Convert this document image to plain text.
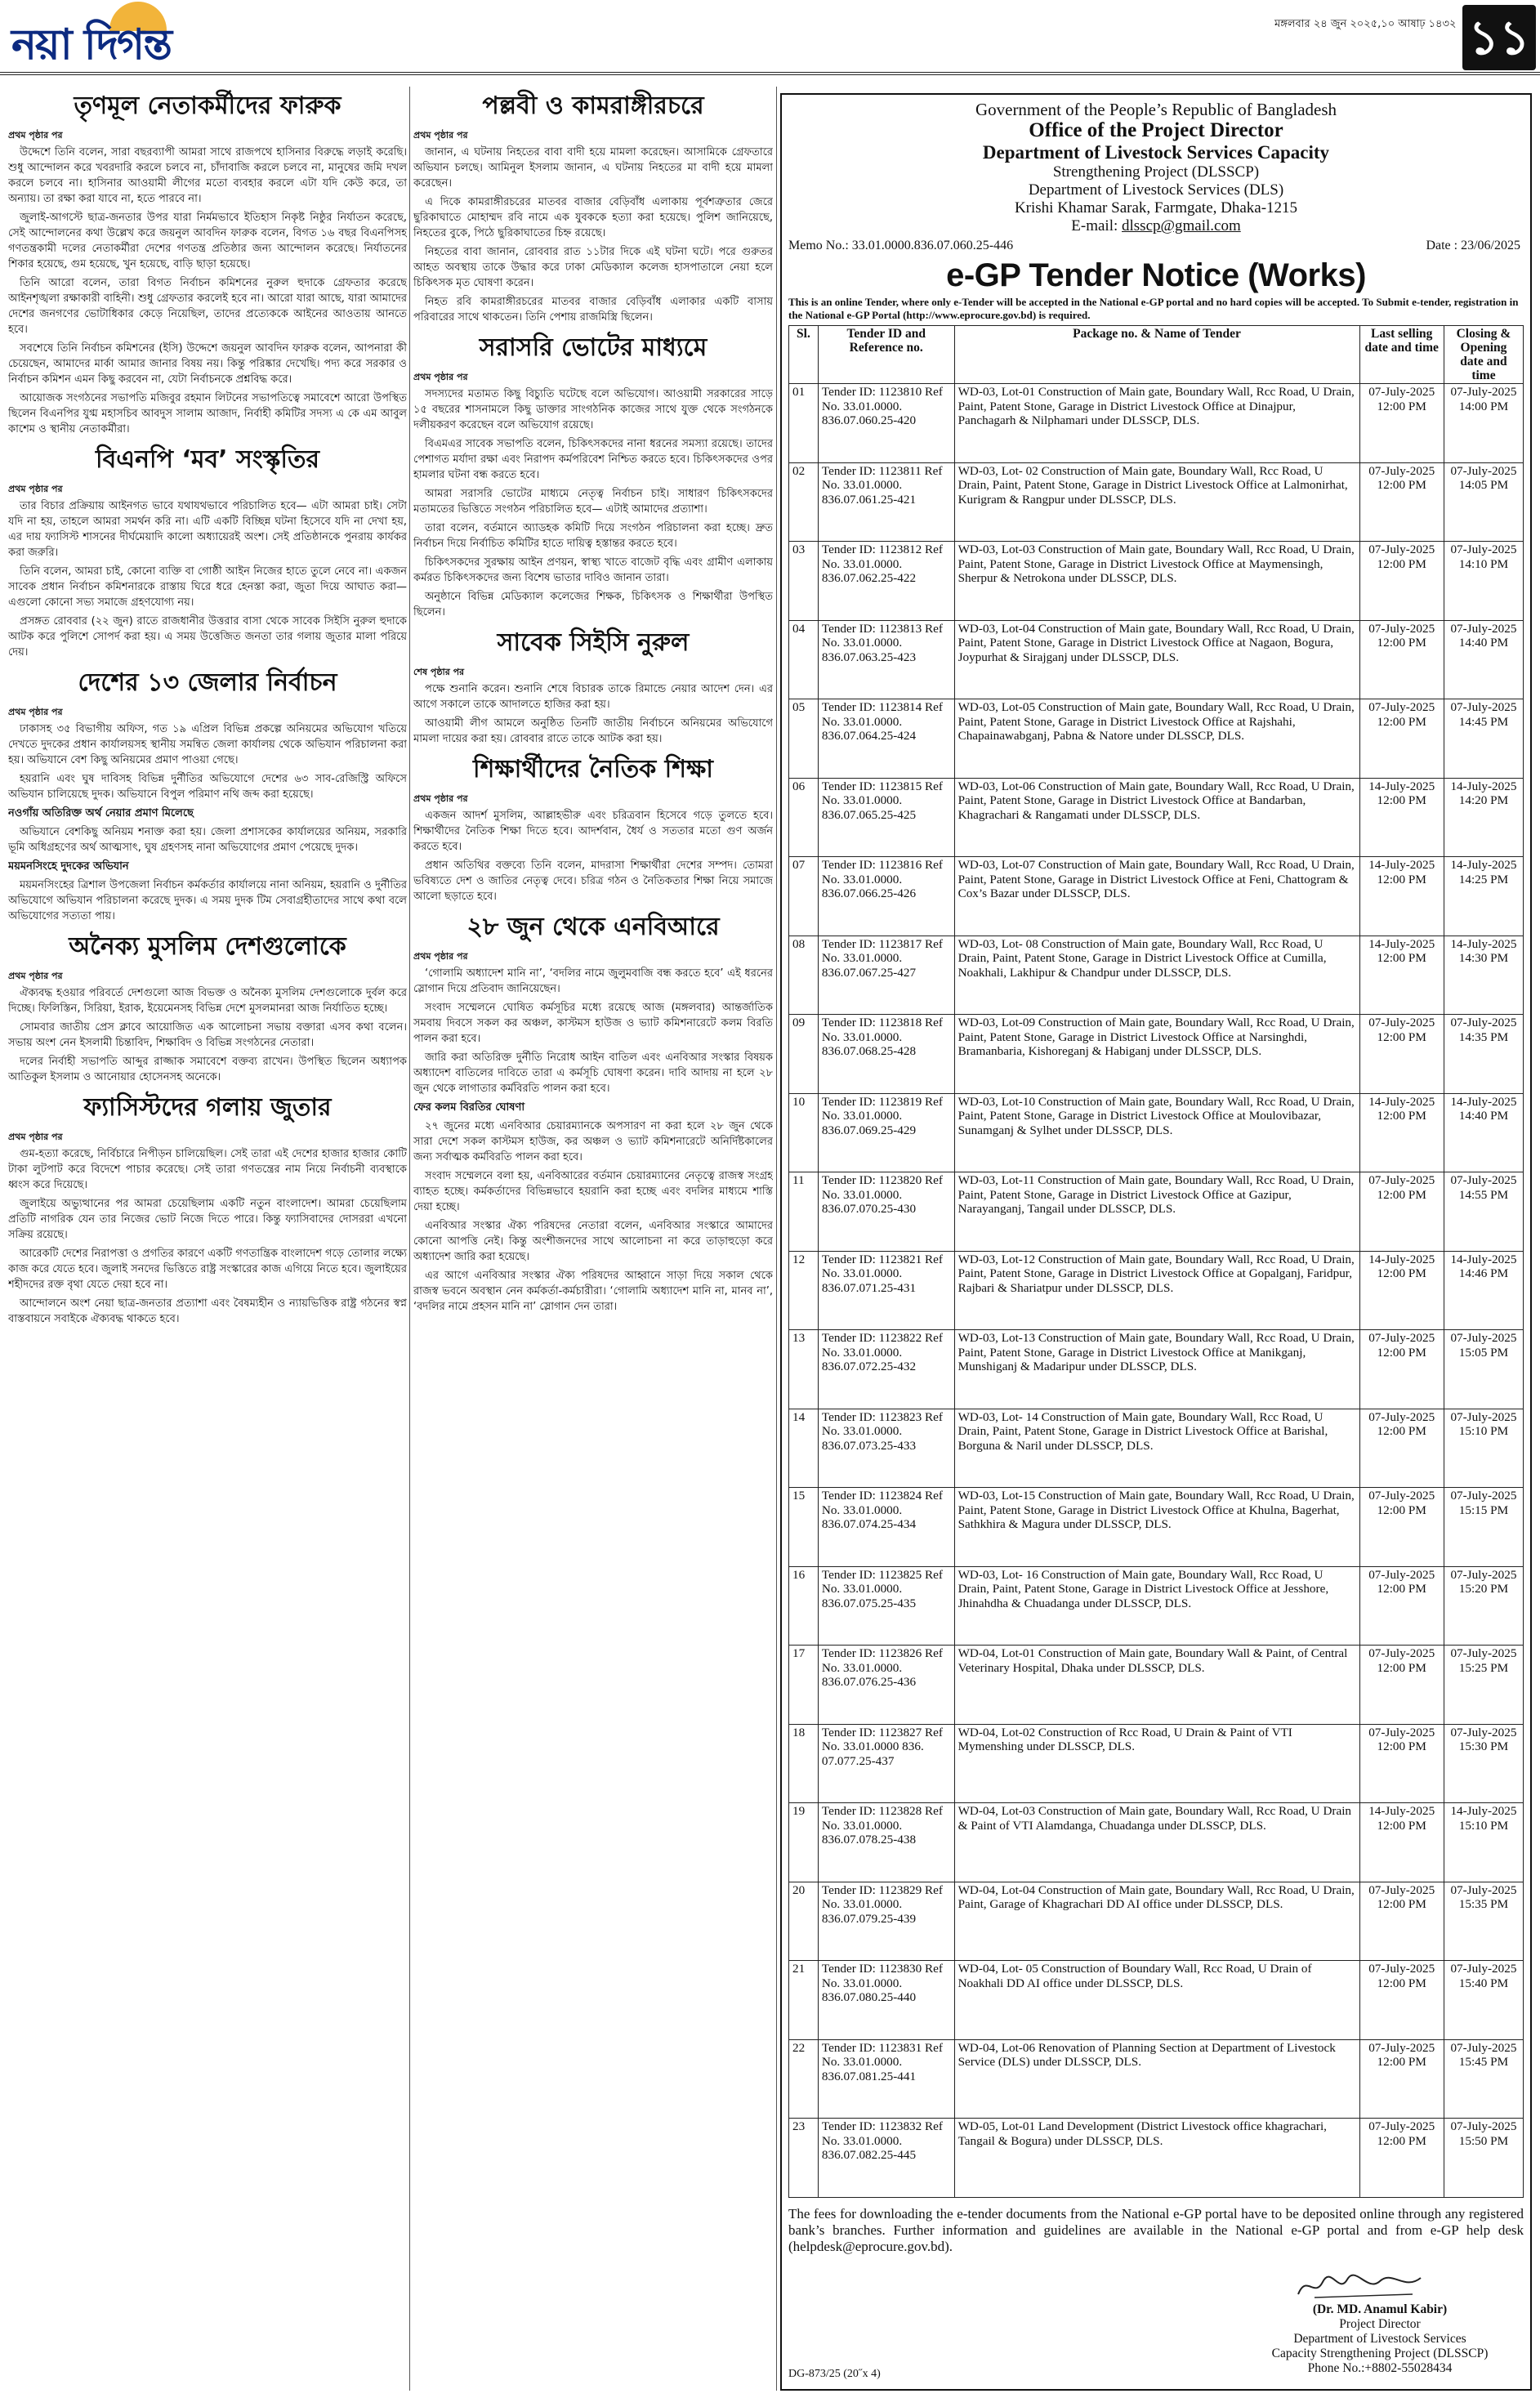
নয়া দিগন্ত	মঙ্গলবার ২৪ জুন ২০২৫,১০ আষাঢ় ১৪৩২ ১১
তৃণমূল নেতাকর্মীদের ফারুক
প্রথম পৃষ্ঠার পর

উদ্দেশে তিনি বলেন, সারা বছরব্যাপী আমরা সাথে রাজপথে হাসিনার বিরুদ্ধে লড়াই করেছি। শুধু আন্দোলন করে খবরদারি করলে চলবে না, চাঁদাবাজি করলে চলবে না, মানুষের জমি দখল করলে চলবে না। হাসিনার আওয়ামী লীগের মতো ব্যবহার করলে এটা যদি কেউ করে, তা অন্যায়। তা রক্ষা করা যাবে না, হতে পারবে না।

জুলাই-আগস্টে ছাত্র-জনতার উপর যারা নির্মমভাবে ইতিহাস নিকৃষ্ট নিষ্ঠুর নির্যাতন করেছে, সেই আন্দোলনের কথা উল্লেখ করে জয়নুল আবদিন ফারুক বলেন, বিগত ১৬ বছর বিএনপিসহ গণতন্ত্রকামী দলের নেতাকর্মীরা দেশের গণতন্ত্র প্রতিষ্ঠার জন্য আন্দোলন করেছে। নির্যাতনের শিকার হয়েছে, গুম হয়েছে, খুন হয়েছে, বাড়ি ছাড়া হয়েছে।

তিনি আরো বলেন, তারা বিগত নির্বাচন কমিশনের নুরুল হুদাকে গ্রেফতার করেছে আইনশৃঙ্খলা রক্ষাকারী বাহিনী। শুধু গ্রেফতার করলেই হবে না। আরো যারা আছে, যারা আমাদের দেশের জনগণের ভোটাধিকার কেড়ে নিয়েছিল, তাদের প্রত্যেককে আইনের আওতায় আনতে হবে।

সবশেষে তিনি নির্বাচন কমিশনের (ইসি) উদ্দেশে জয়নুল আবদিন ফারুক বলেন, আপনারা কী চেয়েছেন, আমাদের মার্কা আমার জানার বিষয় নয়। কিন্তু পরিষ্কার দেখেছি। পদ্য করে সরকার ও নির্বাচন কমিশন এমন কিছু করবেন না, যেটা নির্বাচনকে প্রশ্নবিদ্ধ করে।

আয়োজক সংগঠনের সভাপতি মজিবুর রহমান লিটনের সভাপতিত্বে সমাবেশে আরো উপস্থিত ছিলেন বিএনপির যুগ্ম মহাসচিব আবদুস সালাম আজাদ, নির্বাহী কমিটির সদস্য এ কে এম আবুল কাশেম ও স্থানীয় নেতাকর্মীরা।

বিএনপি ‘মব’ সংস্কৃতির
প্রথম পৃষ্ঠার পর

তার বিচার প্রক্রিয়ায় আইনগত ভাবে যথাযথভাবে পরিচালিত হবে— এটা আমরা চাই। সেটা যদি না হয়, তাহলে আমরা সমর্থন করি না। এটি একটি বিচ্ছিন্ন ঘটনা হিসেবে যদি না দেখা হয়, এর দায় ফ্যাসিস্ট শাসনের দীর্ঘমেয়াদি কালো অধ্যায়েরই অংশ। সেই প্রতিষ্ঠানকে পুনরায় কার্যকর করা জরুরি।

তিনি বলেন, আমরা চাই, কোনো ব্যক্তি বা গোষ্ঠী আইন নিজের হাতে তুলে নেবে না। একজন সাবেক প্রধান নির্বাচন কমিশনারকে রাস্তায় ঘিরে ধরে হেনস্তা করা, জুতা দিয়ে আঘাত করা—এগুলো কোনো সভ্য সমাজে গ্রহণযোগ্য নয়।

প্রসঙ্গত রোববার (২২ জুন) রাতে রাজধানীর উত্তরার বাসা থেকে সাবেক সিইসি নুরুল হুদাকে আটক করে পুলিশে সোপর্দ করা হয়। এ সময় উত্তেজিত জনতা তার গলায় জুতার মালা পরিয়ে দেয়।

দেশের ১৩ জেলার নির্বাচন
প্রথম পৃষ্ঠার পর

ঢাকাসহ ৩৫ বিভাগীয় অফিস, গত ১৯ এপ্রিল বিভিন্ন প্রকল্পে অনিয়মের অভিযোগ খতিয়ে দেখতে দুদকের প্রধান কার্যালয়সহ স্থানীয় সমন্বিত জেলা কার্যালয় থেকে অভিযান পরিচালনা করা হয়। অভিযানে বেশ কিছু অনিয়মের প্রমাণ পাওয়া গেছে।

হয়রানি এবং ঘুষ দাবিসহ বিভিন্ন দুর্নীতির অভিযোগে দেশের ৬৩ সাব-রেজিস্ট্রি অফিসে অভিযান চালিয়েছে দুদক। অভিযানে বিপুল পরিমাণ নথি জব্দ করা হয়েছে।

নওগাঁয় অতিরিক্ত অর্থ নেয়ার প্রমাণ মিলেছে

অভিযানে বেশকিছু অনিয়ম শনাক্ত করা হয়। জেলা প্রশাসকের কার্যালয়ের অনিয়ম, সরকারি ভূমি অধিগ্রহণের অর্থ আত্মসাৎ, ঘুষ গ্রহণসহ নানা অভিযোগের প্রমাণ পেয়েছে দুদক।

ময়মনসিংহে দুদকের অভিযান

ময়মনসিংহের ত্রিশাল উপজেলা নির্বাচন কর্মকর্তার কার্যালয়ে নানা অনিয়ম, হয়রানি ও দুর্নীতির অভিযোগে অভিযান পরিচালনা করেছে দুদক। এ সময় দুদক টিম সেবাগ্রহীতাদের সাথে কথা বলে অভিযোগের সত্যতা পায়।

অনৈক্য মুসলিম দেশগুলোকে
প্রথম পৃষ্ঠার পর

ঐক্যবদ্ধ হওয়ার পরিবর্তে দেশগুলো আজ বিভক্ত ও অনৈক্য মুসলিম দেশগুলোকে দুর্বল করে দিচ্ছে। ফিলিস্তিন, সিরিয়া, ইরাক, ইয়েমেনসহ বিভিন্ন দেশে মুসলমানরা আজ নির্যাতিত হচ্ছে।

সোমবার জাতীয় প্রেস ক্লাবে আয়োজিত এক আলোচনা সভায় বক্তারা এসব কথা বলেন। সভায় অংশ নেন ইসলামী চিন্তাবিদ, শিক্ষাবিদ ও বিভিন্ন সংগঠনের নেতারা।

দলের নির্বাহী সভাপতি আব্দুর রাজ্জাক সমাবেশে বক্তব্য রাখেন। উপস্থিত ছিলেন অধ্যাপক আতিকুল ইসলাম ও আনোয়ার হোসেনসহ অনেকে।

ফ্যাসিস্টদের গলায় জুতার
প্রথম পৃষ্ঠার পর

গুম-হত্যা করেছে, নির্বিচারে নিপীড়ন চালিয়েছিল। সেই তারা এই দেশের হাজার হাজার কোটি টাকা লুটপাট করে বিদেশে পাচার করেছে। সেই তারা গণতন্ত্রের নাম নিয়ে নির্বাচনী ব্যবস্থাকে ধ্বংস করে দিয়েছে।

জুলাইয়ে অভ্যুত্থানের পর আমরা চেয়েছিলাম একটি নতুন বাংলাদেশ। আমরা চেয়েছিলাম প্রতিটি নাগরিক যেন তার নিজের ভোট নিজে দিতে পারে। কিন্তু ফ্যাসিবাদের দোসররা এখনো সক্রিয় রয়েছে।

আরেকটি দেশের নিরাপত্তা ও প্রগতির কারণে একটি গণতান্ত্রিক বাংলাদেশ গড়ে তোলার লক্ষ্যে কাজ করে যেতে হবে। জুলাই সনদের ভিত্তিতে রাষ্ট্র সংস্কারের কাজ এগিয়ে নিতে হবে। জুলাইয়ের শহীদদের রক্ত বৃথা যেতে দেয়া হবে না।

আন্দোলনে অংশ নেয়া ছাত্র-জনতার প্রত্যাশা এবং বৈষম্যহীন ও ন্যায়ভিত্তিক রাষ্ট্র গঠনের স্বপ্ন বাস্তবায়নে সবাইকে ঐক্যবদ্ধ থাকতে হবে।

পল্লবী ও কামরাঙ্গীরচরে
প্রথম পৃষ্ঠার পর

জানান, এ ঘটনায় নিহতের বাবা বাদী হয়ে মামলা করেছেন। আসামিকে গ্রেফতারে অভিযান চলছে। আমিনুল ইসলাম জানান, এ ঘটনায় নিহতের মা বাদী হয়ে মামলা করেছেন।

এ দিকে কামরাঙ্গীরচরের মাতবর বাজার বেড়িবাঁধ এলাকায় পূর্বশত্রুতার জেরে ছুরিকাঘাতে মোহাম্মদ রবি নামে এক যুবককে হত্যা করা হয়েছে। পুলিশ জানিয়েছে, নিহতের বুকে, পিঠে ছুরিকাঘাতের চিহ্ন রয়েছে।

নিহতের বাবা জানান, রোববার রাত ১১টার দিকে এই ঘটনা ঘটে। পরে গুরুতর আহত অবস্থায় তাকে উদ্ধার করে ঢাকা মেডিক্যাল কলেজ হাসপাতালে নেয়া হলে চিকিৎসক মৃত ঘোষণা করেন।

নিহত রবি কামরাঙ্গীরচরের মাতবর বাজার বেড়িবাঁধ এলাকার একটি বাসায় পরিবারের সাথে থাকতেন। তিনি পেশায় রাজমিস্ত্রি ছিলেন।

সরাসরি ভোটের মাধ্যমে
প্রথম পৃষ্ঠার পর

সদস্যদের মতামত কিছু বিচ্যুতি ঘটেছে বলে অভিযোগ। আওয়ামী সরকারের সাড়ে ১৫ বছরের শাসনামলে কিছু ডাক্তার সাংগঠনিক কাজের সাথে যুক্ত থেকে সংগঠনকে দলীয়করণ করেছেন বলে অভিযোগ রয়েছে।

বিএমএর সাবেক সভাপতি বলেন, চিকিৎসকদের নানা ধরনের সমস্যা রয়েছে। তাদের পেশাগত মর্যাদা রক্ষা এবং নিরাপদ কর্মপরিবেশ নিশ্চিত করতে হবে। চিকিৎসকদের ওপর হামলার ঘটনা বন্ধ করতে হবে।

আমরা সরাসরি ভোটের মাধ্যমে নেতৃত্ব নির্বাচন চাই। সাধারণ চিকিৎসকদের মতামতের ভিত্তিতে সংগঠন পরিচালিত হবে— এটাই আমাদের প্রত্যাশা।

তারা বলেন, বর্তমানে অ্যাডহক কমিটি দিয়ে সংগঠন পরিচালনা করা হচ্ছে। দ্রুত নির্বাচন দিয়ে নির্বাচিত কমিটির হাতে দায়িত্ব হস্তান্তর করতে হবে।

চিকিৎসকদের সুরক্ষায় আইন প্রণয়ন, স্বাস্থ্য খাতে বাজেট বৃদ্ধি এবং গ্রামীণ এলাকায় কর্মরত চিকিৎসকদের জন্য বিশেষ ভাতার দাবিও জানান তারা।

অনুষ্ঠানে বিভিন্ন মেডিক্যাল কলেজের শিক্ষক, চিকিৎসক ও শিক্ষার্থীরা উপস্থিত ছিলেন।

সাবেক সিইসি নুরুল
শেষ পৃষ্ঠার পর

পক্ষে শুনানি করেন। শুনানি শেষে বিচারক তাকে রিমান্ডে নেয়ার আদেশ দেন। এর আগে সকালে তাকে আদালতে হাজির করা হয়।

আওয়ামী লীগ আমলে অনুষ্ঠিত তিনটি জাতীয় নির্বাচনে অনিয়মের অভিযোগে মামলা দায়ের করা হয়। রোববার রাতে তাকে আটক করা হয়।

শিক্ষার্থীদের নৈতিক শিক্ষা
প্রথম পৃষ্ঠার পর

একজন আদর্শ মুসলিম, আল্লাহভীরু এবং চরিত্রবান হিসেবে গড়ে তুলতে হবে। শিক্ষার্থীদের নৈতিক শিক্ষা দিতে হবে। আদর্শবান, ধৈর্য ও সততার মতো গুণ অর্জন করতে হবে।

প্রধান অতিথির বক্তব্যে তিনি বলেন, মাদরাসা শিক্ষার্থীরা দেশের সম্পদ। তোমরা ভবিষ্যতে দেশ ও জাতির নেতৃত্ব দেবে। চরিত্র গঠন ও নৈতিকতার শিক্ষা নিয়ে সমাজে আলো ছড়াতে হবে।

২৮ জুন থেকে এনবিআরে
প্রথম পৃষ্ঠার পর

‘গোলামি অধ্যাদেশ মানি না’, ‘বদলির নামে জুলুমবাজি বন্ধ করতে হবে’ এই ধরনের স্লোগান দিয়ে প্রতিবাদ জানিয়েছেন।

সংবাদ সম্মেলনে ঘোষিত কর্মসূচির মধ্যে রয়েছে আজ (মঙ্গলবার) আন্তর্জাতিক সমবায় দিবসে সকল কর অঞ্চল, কাস্টমস হাউজ ও ভ্যাট কমিশনারেটে কলম বিরতি পালন করা হবে।

জারি করা অতিরিক্ত দুর্নীতি নিরোধ আইন বাতিল এবং এনবিআর সংস্কার বিষয়ক অধ্যাদেশ বাতিলের দাবিতে তারা এ কর্মসূচি ঘোষণা করেন। দাবি আদায় না হলে ২৮ জুন থেকে লাগাতার কর্মবিরতি পালন করা হবে।

ফের কলম বিরতির ঘোষণা

২৭ জুনের মধ্যে এনবিআর চেয়ারম্যানকে অপসারণ না করা হলে ২৮ জুন থেকে সারা দেশে সকল কাস্টমস হাউজ, কর অঞ্চল ও ভ্যাট কমিশনারেটে অনির্দিষ্টকালের জন্য সর্বাত্মক কর্মবিরতি পালন করা হবে।

সংবাদ সম্মেলনে বলা হয়, এনবিআরের বর্তমান চেয়ারম্যানের নেতৃত্বে রাজস্ব সংগ্রহ ব্যাহত হচ্ছে। কর্মকর্তাদের বিভিন্নভাবে হয়রানি করা হচ্ছে এবং বদলির মাধ্যমে শাস্তি দেয়া হচ্ছে।

এনবিআর সংস্কার ঐক্য পরিষদের নেতারা বলেন, এনবিআর সংস্কারে আমাদের কোনো আপত্তি নেই। কিন্তু অংশীজনদের সাথে আলোচনা না করে তাড়াহুড়ো করে অধ্যাদেশ জারি করা হয়েছে।

এর আগে এনবিআর সংস্কার ঐক্য পরিষদের আহ্বানে সাড়া দিয়ে সকাল থেকে রাজস্ব ভবনে অবস্থান নেন কর্মকর্তা-কর্মচারীরা। ‘গোলামি অধ্যাদেশ মানি না, মানব না’, ‘বদলির নামে প্রহসন মানি না’ স্লোগান দেন তারা।

Government of the People’s Republic of Bangladesh
Office of the Project Director
Department of Livestock Services Capacity
Strengthening Project (DLSSCP)
Department of Livestock Services (DLS)
Krishi Khamar Sarak, Farmgate, Dhaka-1215
E-mail: dlsscp@gmail.com
Memo No.: 33.01.0000.836.07.060.25-446	Date : 23/06/2025
e-GP Tender Notice (Works)
This is an online Tender, where only e-Tender will be accepted in the National e-GP portal and no hard copies will be accepted. To Submit e-tender, registration in the National e-GP Portal (http://www.eprocure.gov.bd) is required.
Sl.	Tender ID and Reference no.	Package no. & Name of Tender	Last selling date and time	Closing & Opening date and time
01	Tender ID: 1123810 Ref No. 33.01.0000. 836.07.060.25-420	WD-03, Lot-01 Construction of Main gate, Boundary Wall, Rcc Road, U Drain, Paint, Patent Stone, Garage in District Livestock Office at Dinajpur, Panchagarh & Nilphamari under DLSSCP, DLS.	07-July-2025 12:00 PM	07-July-2025 14:00 PM
02	Tender ID: 1123811 Ref No. 33.01.0000. 836.07.061.25-421	WD-03, Lot- 02 Construction of Main gate, Boundary Wall, Rcc Road, U Drain, Paint, Patent Stone, Garage in District Livestock Office at Lalmonirhat, Kurigram & Rangpur under DLSSCP, DLS.	07-July-2025 12:00 PM	07-July-2025 14:05 PM
03	Tender ID: 1123812 Ref No. 33.01.0000. 836.07.062.25-422	WD-03, Lot-03 Construction of Main gate, Boundary Wall, Rcc Road, U Drain, Paint, Patent Stone, Garage in District Livestock Office at Maymensingh, Sherpur & Netrokona under DLSSCP, DLS.	07-July-2025 12:00 PM	07-July-2025 14:10 PM
04	Tender ID: 1123813 Ref No. 33.01.0000. 836.07.063.25-423	WD-03, Lot-04 Construction of Main gate, Boundary Wall, Rcc Road, U Drain, Paint, Patent Stone, Garage in District Livestock Office at Nagaon, Bogura, Joypurhat & Sirajganj under DLSSCP, DLS.	07-July-2025 12:00 PM	07-July-2025 14:40 PM
05	Tender ID: 1123814 Ref No. 33.01.0000. 836.07.064.25-424	WD-03, Lot-05 Construction of Main gate, Boundary Wall, Rcc Road, U Drain, Paint, Patent Stone, Garage in District Livestock Office at Rajshahi, Chapainawabganj, Pabna & Natore under DLSSCP, DLS.	07-July-2025 12:00 PM	07-July-2025 14:45 PM
06	Tender ID: 1123815 Ref No. 33.01.0000. 836.07.065.25-425	WD-03, Lot-06 Construction of Main gate, Boundary Wall, Rcc Road, U Drain, Paint, Patent Stone, Garage in District Livestock Office at Bandarban, Khagrachari & Rangamati under DLSSCP, DLS.	14-July-2025 12:00 PM	14-July-2025 14:20 PM
07	Tender ID: 1123816 Ref No. 33.01.0000. 836.07.066.25-426	WD-03, Lot-07 Construction of Main gate, Boundary Wall, Rcc Road, U Drain, Paint, Patent Stone, Garage in District Livestock Office at Feni, Chattogram & Cox’s Bazar under DLSSCP, DLS.	14-July-2025 12:00 PM	14-July-2025 14:25 PM
08	Tender ID: 1123817 Ref No. 33.01.0000. 836.07.067.25-427	WD-03, Lot- 08 Construction of Main gate, Boundary Wall, Rcc Road, U Drain, Paint, Patent Stone, Garage in District Livestock Office at Cumilla, Noakhali, Lakhipur & Chandpur under DLSSCP, DLS.	14-July-2025 12:00 PM	14-July-2025 14:30 PM
09	Tender ID: 1123818 Ref No. 33.01.0000. 836.07.068.25-428	WD-03, Lot-09 Construction of Main gate, Boundary Wall, Rcc Road, U Drain, Paint, Patent Stone, Garage in District Livestock Office at Narsinghdi, Bramanbaria, Kishoreganj & Habiganj under DLSSCP, DLS.	07-July-2025 12:00 PM	07-July-2025 14:35 PM
10	Tender ID: 1123819 Ref No. 33.01.0000. 836.07.069.25-429	WD-03, Lot-10 Construction of Main gate, Boundary Wall, Rcc Road, U Drain, Paint, Patent Stone, Garage in District Livestock Office at Moulovibazar, Sunamganj & Sylhet under DLSSCP, DLS.	14-July-2025 12:00 PM	14-July-2025 14:40 PM
11	Tender ID: 1123820 Ref No. 33.01.0000. 836.07.070.25-430	WD-03, Lot-11 Construction of Main gate, Boundary Wall, Rcc Road, U Drain, Paint, Patent Stone, Garage in District Livestock Office at Gazipur, Narayanganj, Tangail under DLSSCP, DLS.	07-July-2025 12:00 PM	07-July-2025 14:55 PM
12	Tender ID: 1123821 Ref No. 33.01.0000. 836.07.071.25-431	WD-03, Lot-12 Construction of Main gate, Boundary Wall, Rcc Road, U Drain, Paint, Patent Stone, Garage in District Livestock Office at Gopalganj, Faridpur, Rajbari & Shariatpur under DLSSCP, DLS.	14-July-2025 12:00 PM	14-July-2025 14:46 PM
13	Tender ID: 1123822 Ref No. 33.01.0000. 836.07.072.25-432	WD-03, Lot-13 Construction of Main gate, Boundary Wall, Rcc Road, U Drain, Paint, Patent Stone, Garage in District Livestock Office at Manikganj, Munshiganj & Madaripur under DLSSCP, DLS.	07-July-2025 12:00 PM	07-July-2025 15:05 PM
14	Tender ID: 1123823 Ref No. 33.01.0000. 836.07.073.25-433	WD-03, Lot- 14 Construction of Main gate, Boundary Wall, Rcc Road, U Drain, Paint, Patent Stone, Garage in District Livestock Office at Barishal, Borguna & Naril under DLSSCP, DLS.	07-July-2025 12:00 PM	07-July-2025 15:10 PM
15	Tender ID: 1123824 Ref No. 33.01.0000. 836.07.074.25-434	WD-03, Lot-15 Construction of Main gate, Boundary Wall, Rcc Road, U Drain, Paint, Patent Stone, Garage in District Livestock Office at Khulna, Bagerhat, Sathkhira & Magura under DLSSCP, DLS.	07-July-2025 12:00 PM	07-July-2025 15:15 PM
16	Tender ID: 1123825 Ref No. 33.01.0000. 836.07.075.25-435	WD-03, Lot- 16 Construction of Main gate, Boundary Wall, Rcc Road, U Drain, Paint, Patent Stone, Garage in District Livestock Office at Jesshore, Jhinahdha & Chuadanga under DLSSCP, DLS.	07-July-2025 12:00 PM	07-July-2025 15:20 PM
17	Tender ID: 1123826 Ref No. 33.01.0000. 836.07.076.25-436	WD-04, Lot-01 Construction of Main gate, Boundary Wall & Paint, of Central Veterinary Hospital, Dhaka under DLSSCP, DLS.	07-July-2025 12:00 PM	07-July-2025 15:25 PM
18	Tender ID: 1123827 Ref No. 33.01.0000 836. 07.077.25-437	WD-04, Lot-02 Construction of Rcc Road, U Drain & Paint of VTI Mymenshing under DLSSCP, DLS.	07-July-2025 12:00 PM	07-July-2025 15:30 PM
19	Tender ID: 1123828 Ref No. 33.01.0000. 836.07.078.25-438	WD-04, Lot-03 Construction of Main gate, Boundary Wall, Rcc Road, U Drain & Paint of VTI Alamdanga, Chuadanga under DLSSCP, DLS.	14-July-2025 12:00 PM	14-July-2025 15:10 PM
20	Tender ID: 1123829 Ref No. 33.01.0000. 836.07.079.25-439	WD-04, Lot-04 Construction of Main gate, Boundary Wall, Rcc Road, U Drain, Paint, Garage of Khagrachari DD AI office under DLSSCP, DLS.	07-July-2025 12:00 PM	07-July-2025 15:35 PM
21	Tender ID: 1123830 Ref No. 33.01.0000. 836.07.080.25-440	WD-04, Lot- 05 Construction of Boundary Wall, Rcc Road, U Drain of Noakhali DD AI office under DLSSCP, DLS.	07-July-2025 12:00 PM	07-July-2025 15:40 PM
22	Tender ID: 1123831 Ref No. 33.01.0000. 836.07.081.25-441	WD-04, Lot-06 Renovation of Planning Section at Department of Livestock Service (DLS) under DLSSCP, DLS.	07-July-2025 12:00 PM	07-July-2025 15:45 PM
23	Tender ID: 1123832 Ref No. 33.01.0000. 836.07.082.25-445	WD-05, Lot-01 Land Development (District Livestock office khagrachari, Tangail & Bogura) under DLSSCP, DLS.	07-July-2025 12:00 PM	07-July-2025 15:50 PM
The fees for downloading the e-tender documents from the National e-GP portal have to be deposited online through any registered bank’s branches. Further information and guidelines are available in the National e-GP portal and from e-GP help desk (helpdesk@eprocure.gov.bd).
(Dr. MD. Anamul Kabir)
Project Director
Department of Livestock Services
Capacity Strengthening Project (DLSSCP)
Phone No.:+8802-55028434
DG-873/25 (20˝x 4)
